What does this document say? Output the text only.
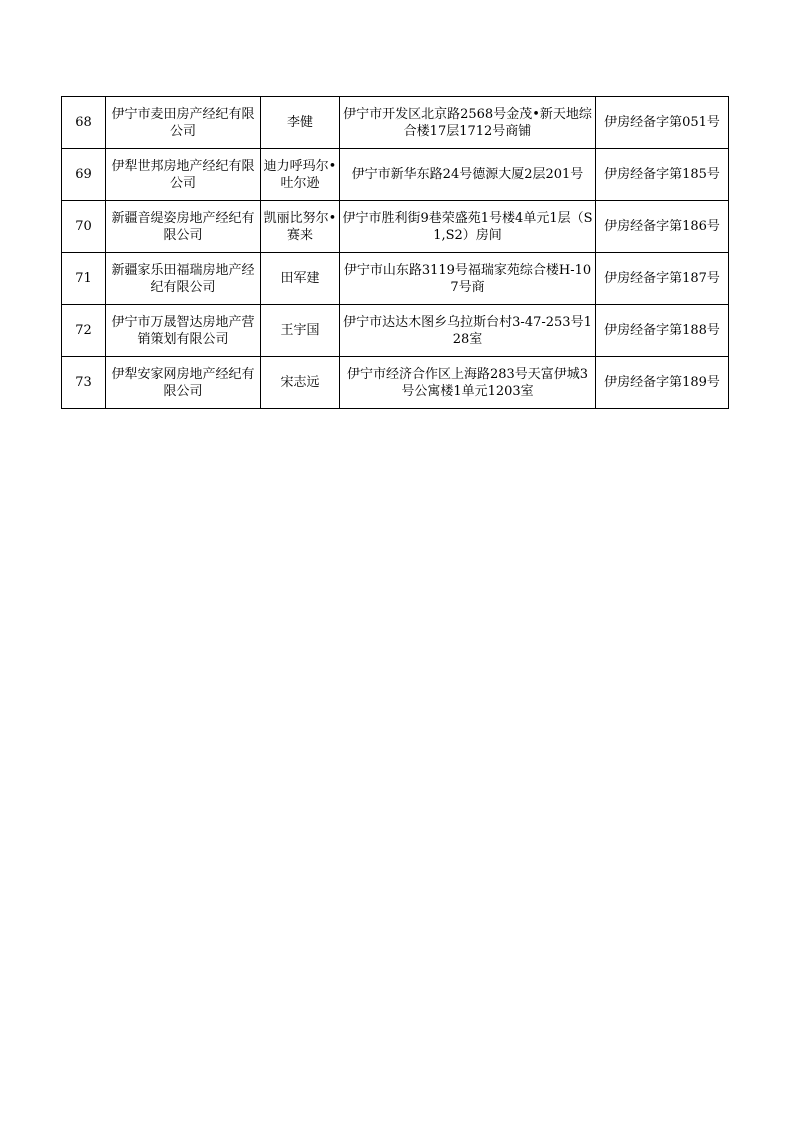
68	伊宁市麦田房产经纪有限公司	李健	伊宁市开发区北京路2568号金茂•新天地综合楼17层1712号商铺	伊房经备字第051号
69	伊犁世邦房地产经纪有限公司	迪力呼玛尔•吐尔逊	伊宁市新华东路24号德源大厦2层201号	伊房经备字第185号
70	新疆音缇姿房地产经纪有限公司	凯丽比努尔•赛来	伊宁市胜利街9巷荣盛苑1号楼4单元1层（S1,S2）房间	伊房经备字第186号
71	新疆家乐田福瑞房地产经纪有限公司	田军建	伊宁市山东路3119号福瑞家苑综合楼H-107号商	伊房经备字第187号
72	伊宁市万晟智达房地产营销策划有限公司	王宇国	伊宁市达达木图乡乌拉斯台村3-47-253号128室	伊房经备字第188号
73	伊犁安家网房地产经纪有限公司	宋志远	伊宁市经济合作区上海路283号天富伊城3号公寓楼1单元1203室	伊房经备字第189号
